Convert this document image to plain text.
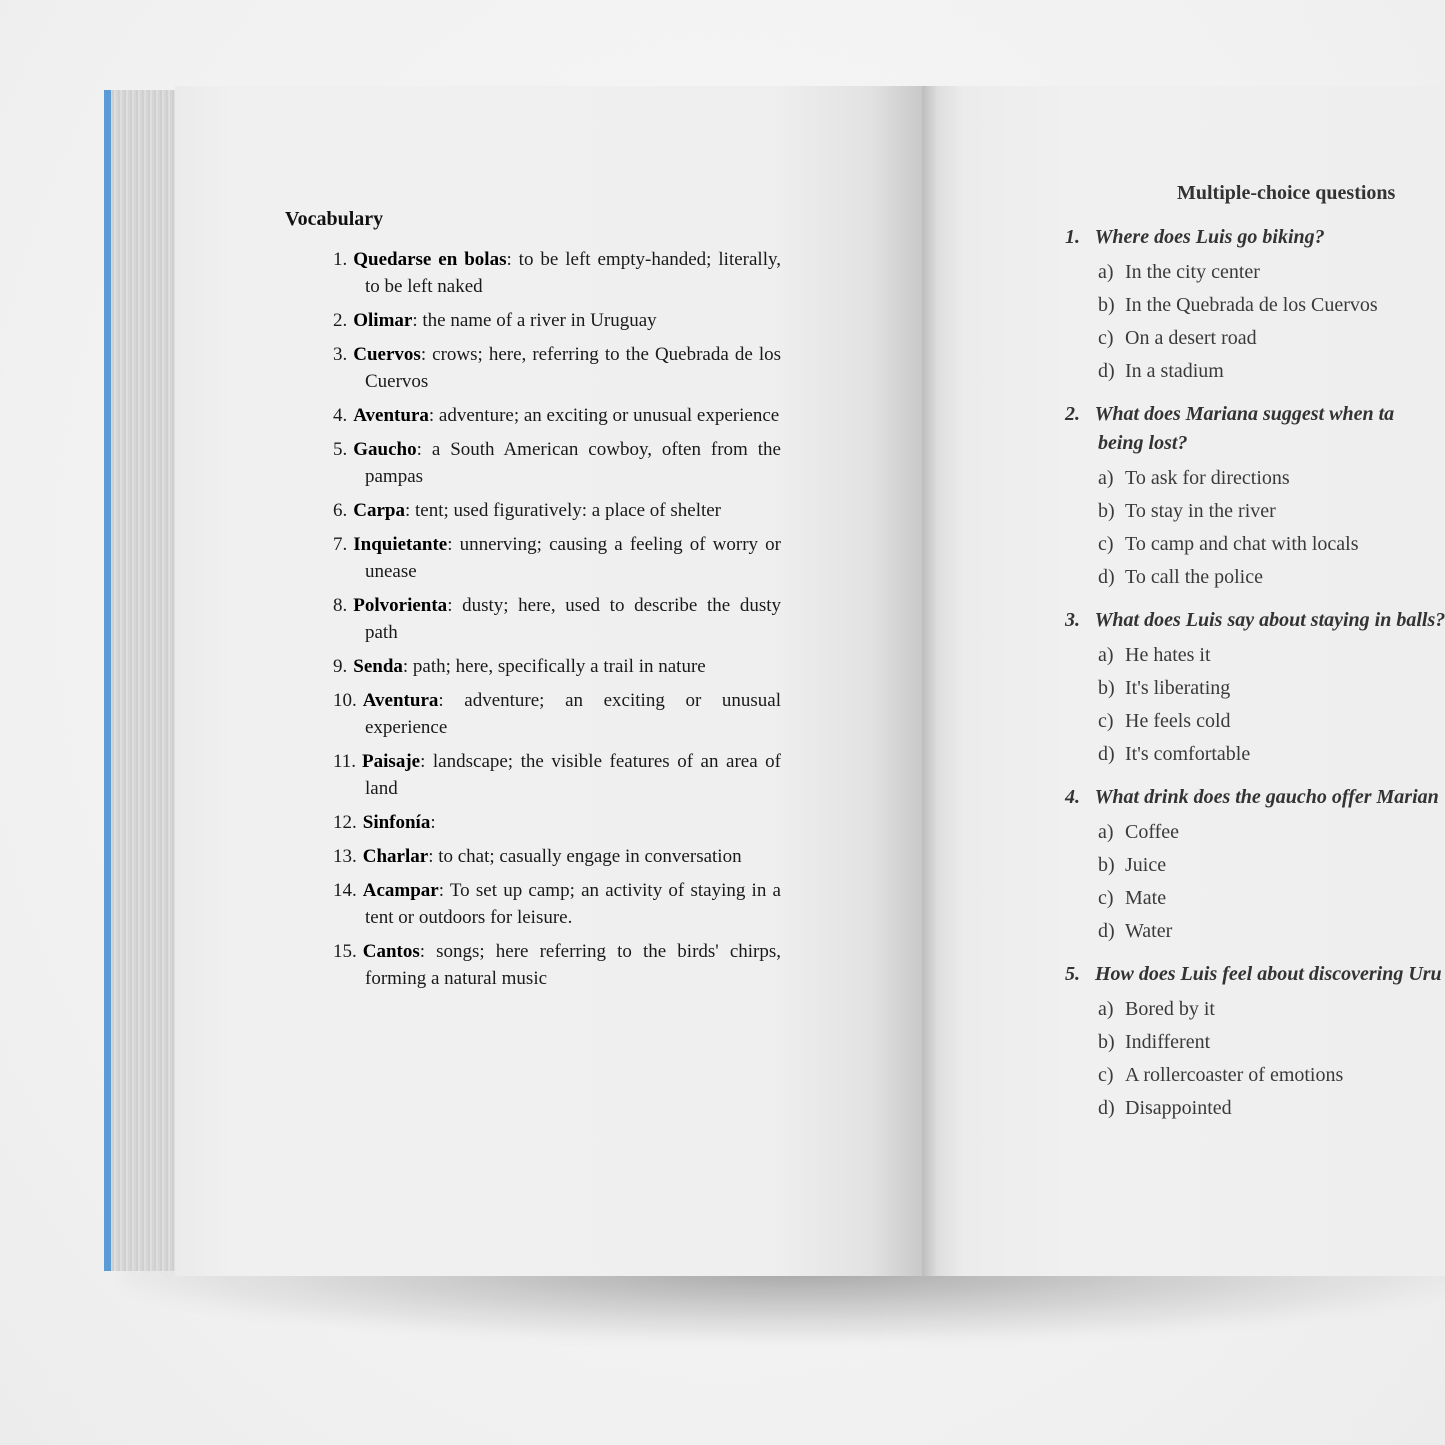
Vocabulary
1. Quedarse en bolas: to be left empty-handed; literally, to be left naked
2. Olimar: the name of a river in Uruguay
3. Cuervos: crows; here, referring to the Quebrada de los Cuervos
4. Aventura: adventure; an exciting or unusual experience
5. Gaucho: a South American cowboy, often from the pampas
6. Carpa: tent; used figuratively: a place of shelter
7. Inquietante: unnerving; causing a feeling of worry or unease
8. Polvorienta: dusty; here, used to describe the dusty path
9. Senda: path; here, specifically a trail in nature
10. Aventura: adventure; an exciting or unusual experience
11. Paisaje: landscape; the visible features of an area of land
12. Sinfonía:
13. Charlar: to chat; casually engage in conversation
14. Acampar: To set up camp; an activity of staying in a tent or outdoors for leisure.
15. Cantos: songs; here referring to the birds' chirps, forming a natural music
Multiple-choice questions
1. Where does Luis go biking?
a) In the city center
b) In the Quebrada de los Cuervos
c) On a desert road
d) In a stadium
2. What does Mariana suggest when ta
being lost?
a) To ask for directions
b) To stay in the river
c) To camp and chat with locals
d) To call the police
3. What does Luis say about staying in balls?
a) He hates it
b) It's liberating
c) He feels cold
d) It's comfortable
4. What drink does the gaucho offer Marian
a) Coffee
b) Juice
c) Mate
d) Water
5. How does Luis feel about discovering Uru
a) Bored by it
b) Indifferent
c) A rollercoaster of emotions
d) Disappointed
